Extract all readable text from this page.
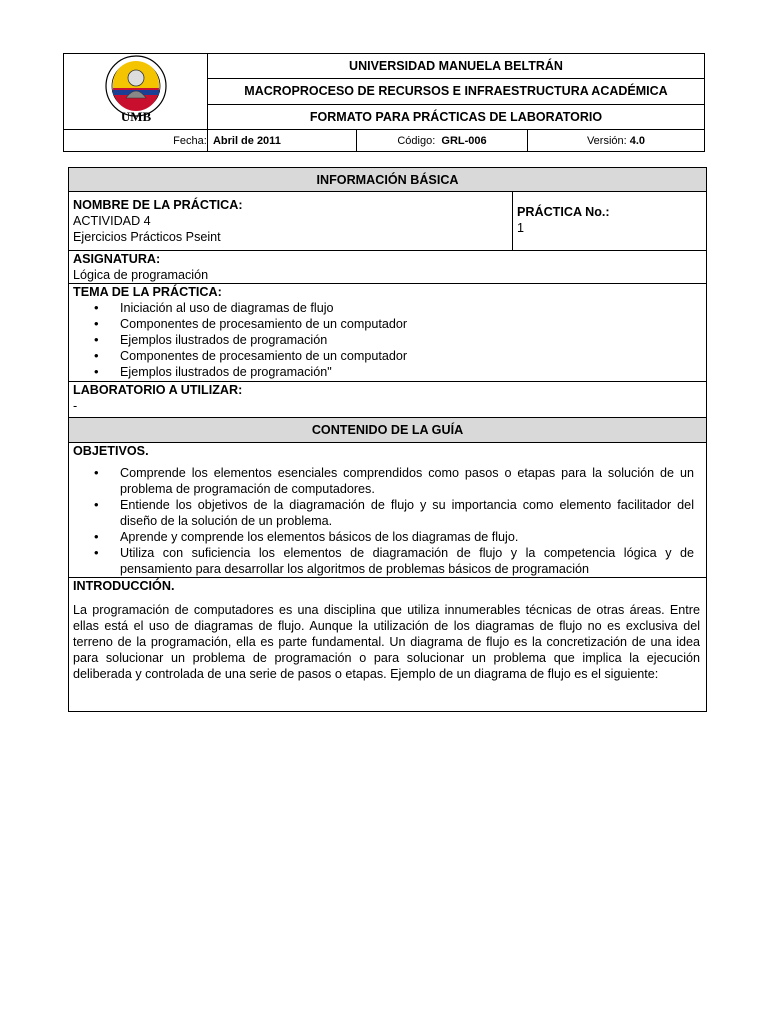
UMB	UNIVERSIDAD MANUELA BELTRÁN		
	MACROPROCESO DE RECURSOS E INFRAESTRUCTURA ACADÉMICA		
	FORMATO PARA PRÁCTICAS DE LABORATORIO		
	Fecha: Abril de 2011	Código: GRL-006	Versión: 4.0
INFORMACIÓN BÁSICA

NOMBRE DE LA PRÁCTICA:
ACTIVIDAD 4
Ejercicios Prácticos Pseint

PRÁCTICA No.:
1

ASIGNATURA:
Lógica de programación

TEMA DE LA PRÁCTICA:
• Iniciación al uso de diagramas de flujo
• Componentes de procesamiento de un computador
• Ejemplos ilustrados de programación
• Componentes de procesamiento de un computador
• Ejemplos ilustrados de programación"

LABORATORIO A UTILIZAR:
-

CONTENIDO DE LA GUÍA

OBJETIVOS.
• Comprende los elementos esenciales comprendidos como pasos o etapas para la solución de un problema de programación de computadores.
• Entiende los objetivos de la diagramación de flujo y su importancia como elemento facilitador del diseño de la solución de un problema.
• Aprende y comprende los elementos básicos de los diagramas de flujo.
• Utiliza con suficiencia los elementos de diagramación de flujo y la competencia lógica y de pensamiento para desarrollar los algoritmos de problemas básicos de programación

INTRODUCCIÓN.
La programación de computadores es una disciplina que utiliza innumerables técnicas de otras áreas. Entre ellas está el uso de diagramas de flujo. Aunque la utilización de los diagramas de flujo no es exclusiva del terreno de la programación, ella es parte fundamental. Un diagrama de flujo es la concretización de una idea para solucionar un problema de programación o para solucionar un problema que implica la ejecución deliberada y controlada de una serie de pasos o etapas. Ejemplo de un diagrama de flujo es el siguiente:
